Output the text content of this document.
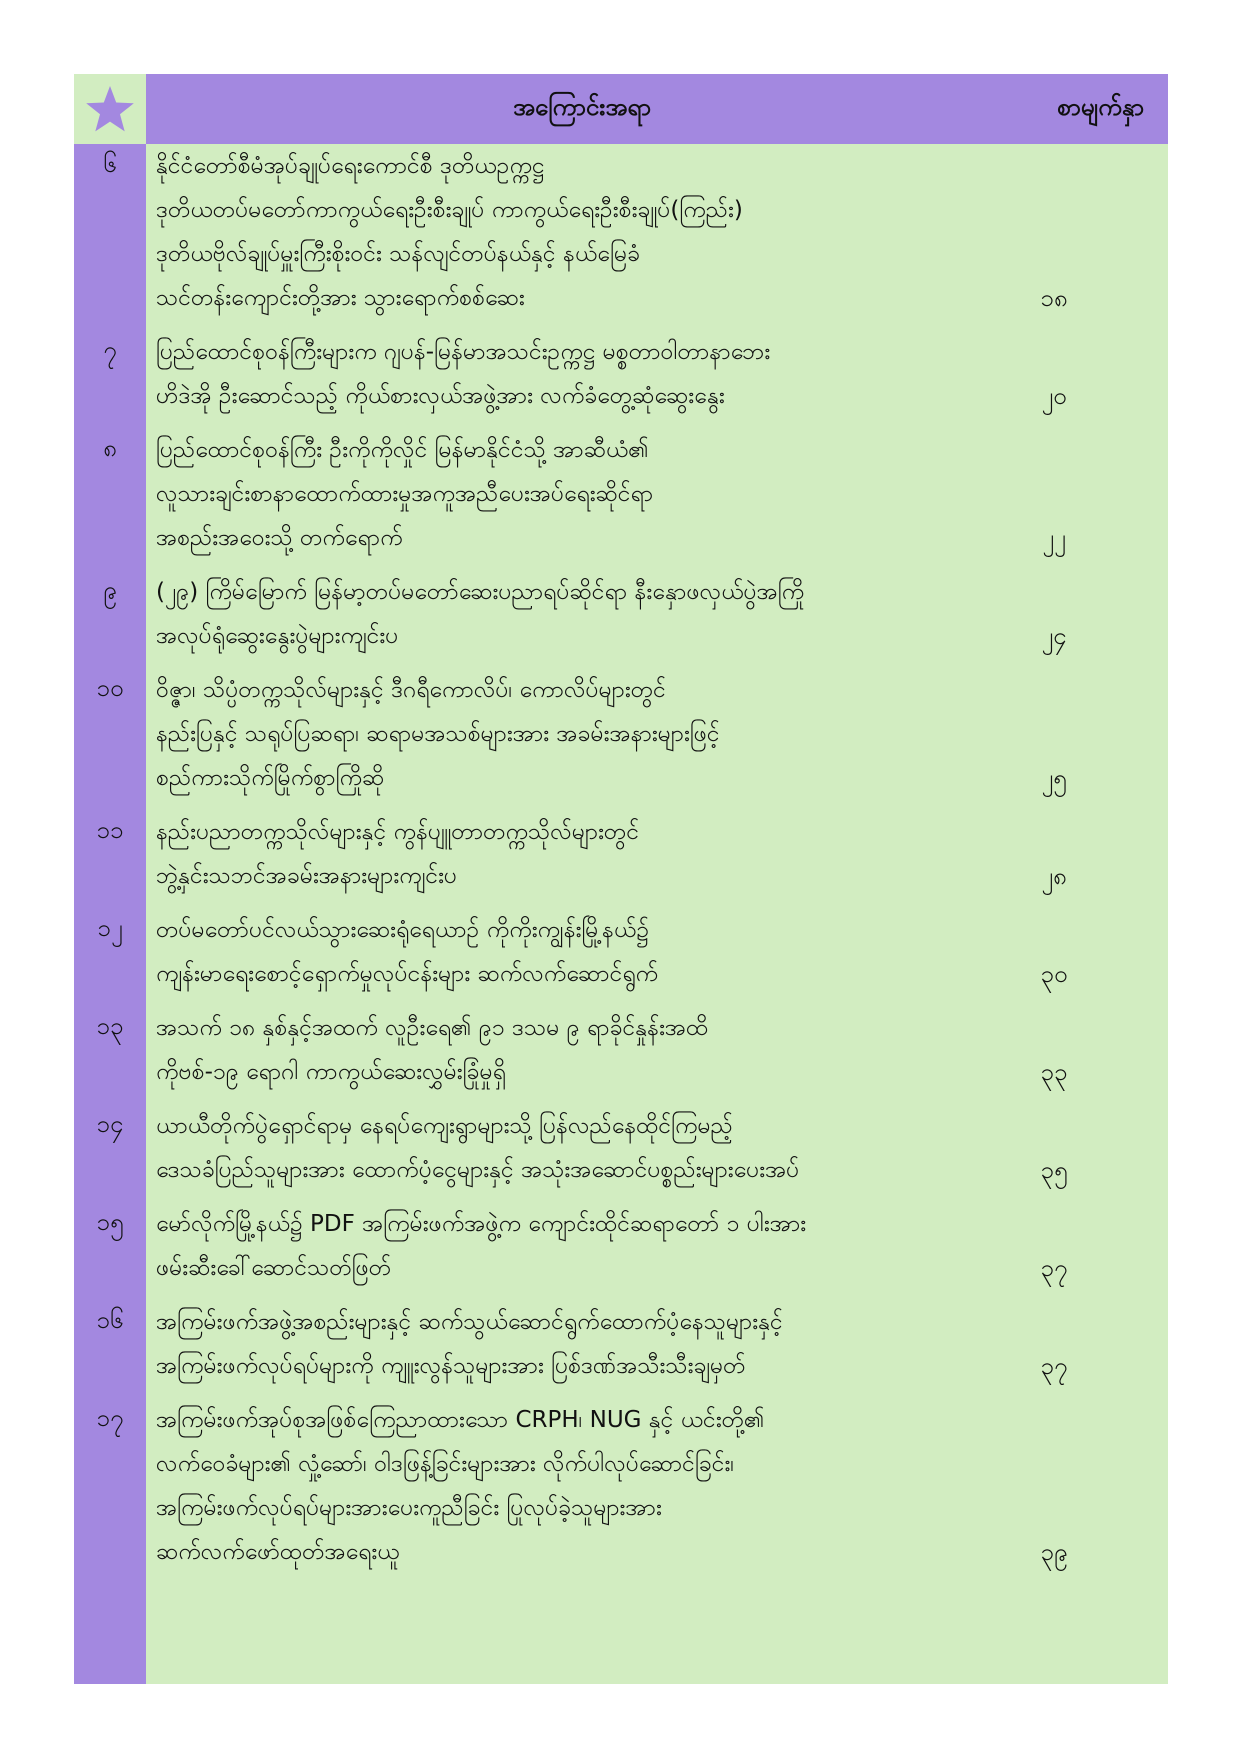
အကြောင်းအရာ	စာမျက်နှာ
၆	နိုင်ငံတော်စီမံအုပ်ချုပ်ရေးကောင်စီ ဒုတိယဥက္ကဋ္ဌ
ဒုတိယတပ်မတော်ကာကွယ်ရေးဦးစီးချုပ် ကာကွယ်ရေးဦးစီးချုပ်(ကြည်း)
ဒုတိယဗိုလ်ချုပ်မှူးကြီးစိုးဝင်း သန်လျင်တပ်နယ်နှင့် နယ်မြေခံ
သင်တန်းကျောင်းတို့အား သွားရောက်စစ်ဆေး	၁၈
၇	ပြည်ထောင်စုဝန်ကြီးများက ဂျပန်-မြန်မာအသင်းဥက္ကဋ္ဌ မစ္စတာဝါတာနာဘေး
ဟိဒဲအို ဦးဆောင်သည့် ကိုယ်စားလှယ်အဖွဲ့အား လက်ခံတွေ့ဆုံဆွေးနွေး	၂၀
၈	ပြည်ထောင်စုဝန်ကြီး ဦးကိုကိုလှိုင် မြန်မာနိုင်ငံသို့ အာဆီယံ၏
လူသားချင်းစာနာထောက်ထားမှုအကူအညီပေးအပ်ရေးဆိုင်ရာ
အစည်းအဝေးသို့ တက်ရောက်	၂၂
၉	(၂၉) ကြိမ်မြောက် မြန်မာ့တပ်မတော်ဆေးပညာရပ်ဆိုင်ရာ နီးနှောဖလှယ်ပွဲအကြို
အလုပ်ရုံဆွေးနွေးပွဲများကျင်းပ	၂၄
၁၀	ဝိဇ္ဇာ၊ သိပ္ပံတက္ကသိုလ်များနှင့် ဒီဂရီကောလိပ်၊ ကောလိပ်များတွင်
နည်းပြနှင့် သရုပ်ပြဆရာ၊ ဆရာမအသစ်များအား အခမ်းအနားများဖြင့်
စည်ကားသိုက်မြိုက်စွာကြိုဆို	၂၅
၁၁	နည်းပညာတက္ကသိုလ်များနှင့် ကွန်ပျူတာတက္ကသိုလ်များတွင်
ဘွဲ့နှင်းသဘင်အခမ်းအနားများကျင်းပ	၂၈
၁၂	တပ်မတော်ပင်လယ်သွားဆေးရုံရေယာဉ် ကိုကိုးကျွန်းမြို့နယ်၌
ကျန်းမာရေးစောင့်ရှောက်မှုလုပ်ငန်းများ ဆက်လက်ဆောင်ရွက်	၃၀
၁၃	အသက် ၁၈ နှစ်နှင့်အထက် လူဦးရေ၏ ၉၁ ဒသမ ၉ ရာခိုင်နှုန်းအထိ
ကိုဗစ်-၁၉ ရောဂါ ကာကွယ်ဆေးလွှမ်းခြုံမှုရှိ	၃၃
၁၄	ယာယီတိုက်ပွဲရှောင်ရာမှ နေရပ်ကျေးရွာများသို့ ပြန်လည်နေထိုင်ကြမည့်
ဒေသခံပြည်သူများအား ထောက်ပံ့ငွေများနှင့် အသုံးအဆောင်ပစ္စည်းများပေးအပ်	၃၅
၁၅	မော်လိုက်မြို့နယ်၌ PDF အကြမ်းဖက်အဖွဲ့က ကျောင်းထိုင်ဆရာတော် ၁ ပါးအား
ဖမ်းဆီးခေါ်ဆောင်သတ်ဖြတ်	၃၇
၁၆	အကြမ်းဖက်အဖွဲ့အစည်းများနှင့် ဆက်သွယ်ဆောင်ရွက်ထောက်ပံ့နေသူများနှင့်
အကြမ်းဖက်လုပ်ရပ်များကို ကျူးလွန်သူများအား ပြစ်ဒဏ်အသီးသီးချမှတ်	၃၇
၁၇	အကြမ်းဖက်အုပ်စုအဖြစ်ကြေညာထားသော CRPH၊ NUG နှင့် ယင်းတို့၏
လက်ဝေခံများ၏ လှုံ့ဆော်၊ ဝါဒဖြန့်ခြင်းများအား လိုက်ပါလုပ်ဆောင်ခြင်း၊
အကြမ်းဖက်လုပ်ရပ်များအားပေးကူညီခြင်း ပြုလုပ်ခဲ့သူများအား
ဆက်လက်ဖော်ထုတ်အရေးယူ	၃၉
